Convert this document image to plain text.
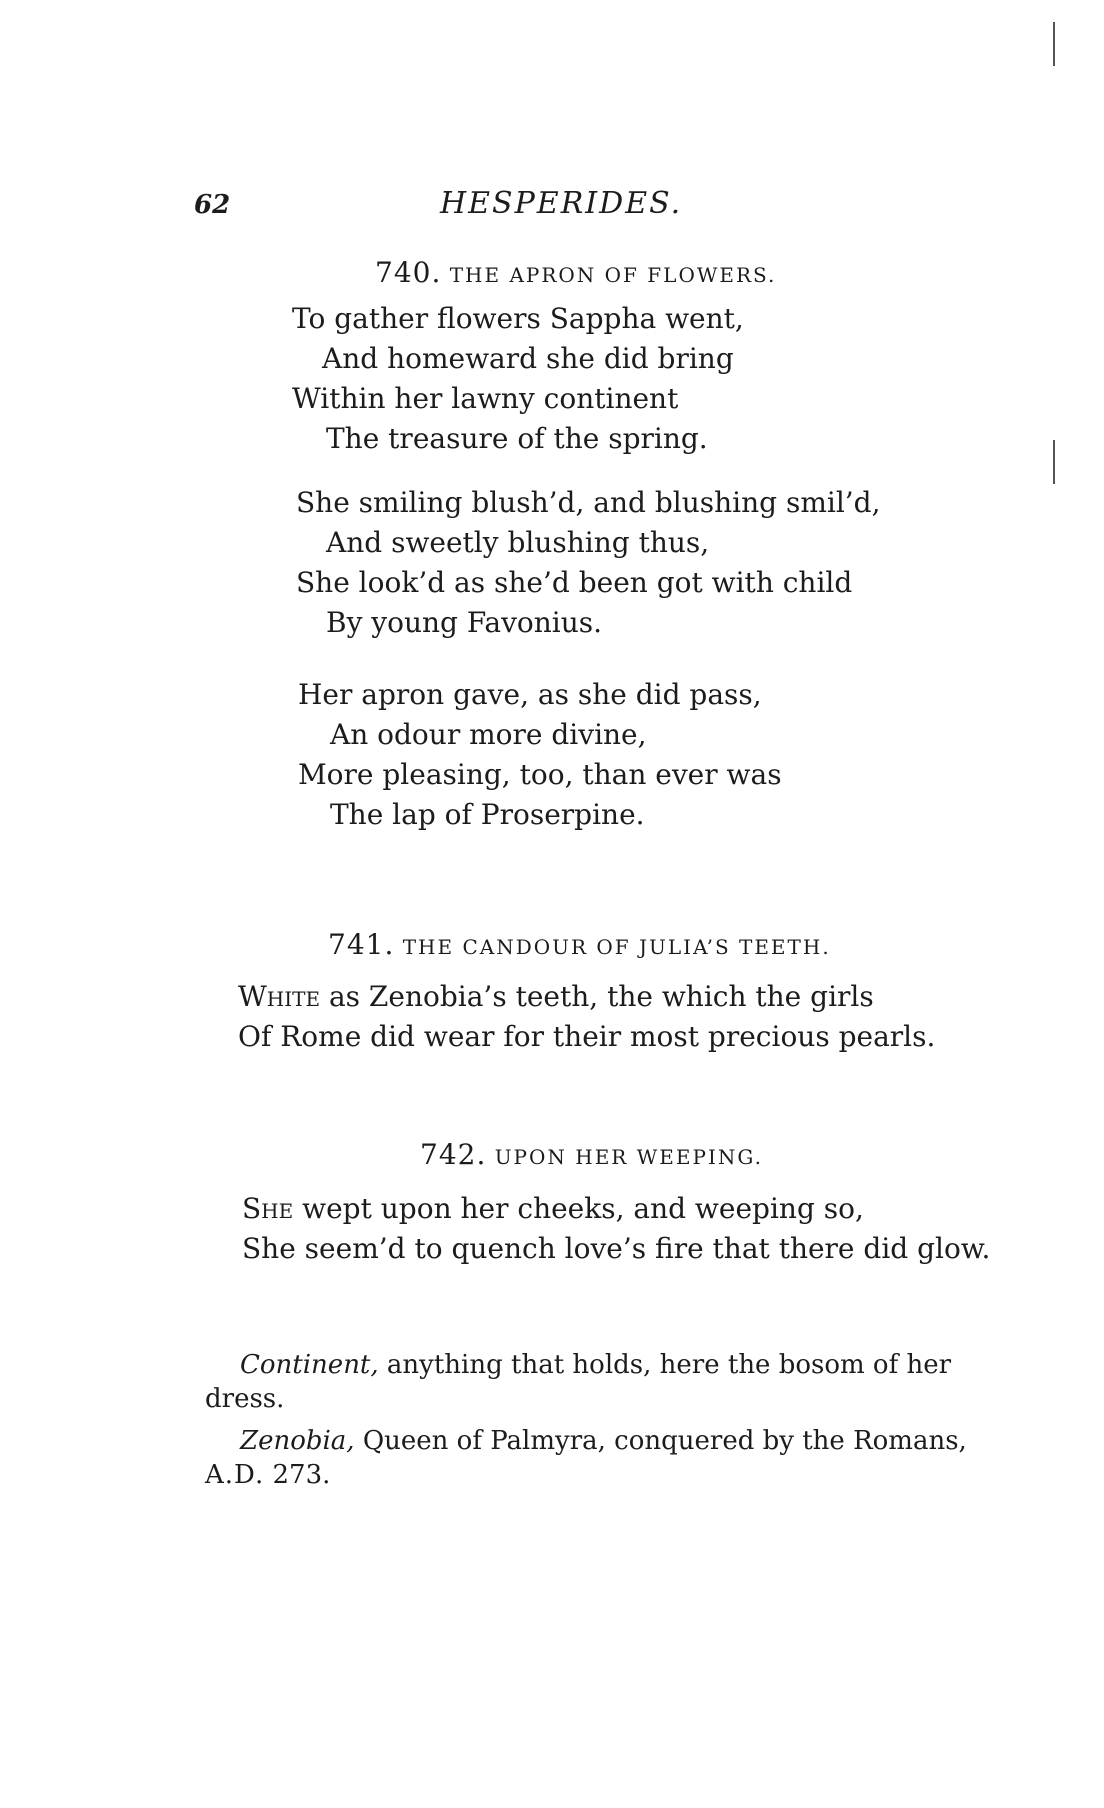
62	HESPERIDES.
740. THE APRON OF FLOWERS.
To gather flowers Sappha went,
And homeward she did bring
Within her lawny continent
The treasure of the spring.
She smiling blush’d, and blushing smil’d,
And sweetly blushing thus,
She look’d as she’d been got with child
By young Favonius.
Her apron gave, as she did pass,
An odour more divine,
More pleasing, too, than ever was
The lap of Proserpine.
741. THE CANDOUR OF JULIA’S TEETH.
White as Zenobia’s teeth, the which the girls
Of Rome did wear for their most precious pearls.
742. UPON HER WEEPING.
She wept upon her cheeks, and weeping so,
She seem’d to quench love’s fire that there did glow.
Continent, anything that holds, here the bosom of her
dress.
Zenobia, Queen of Palmyra, conquered by the Romans,
A.D. 273.
